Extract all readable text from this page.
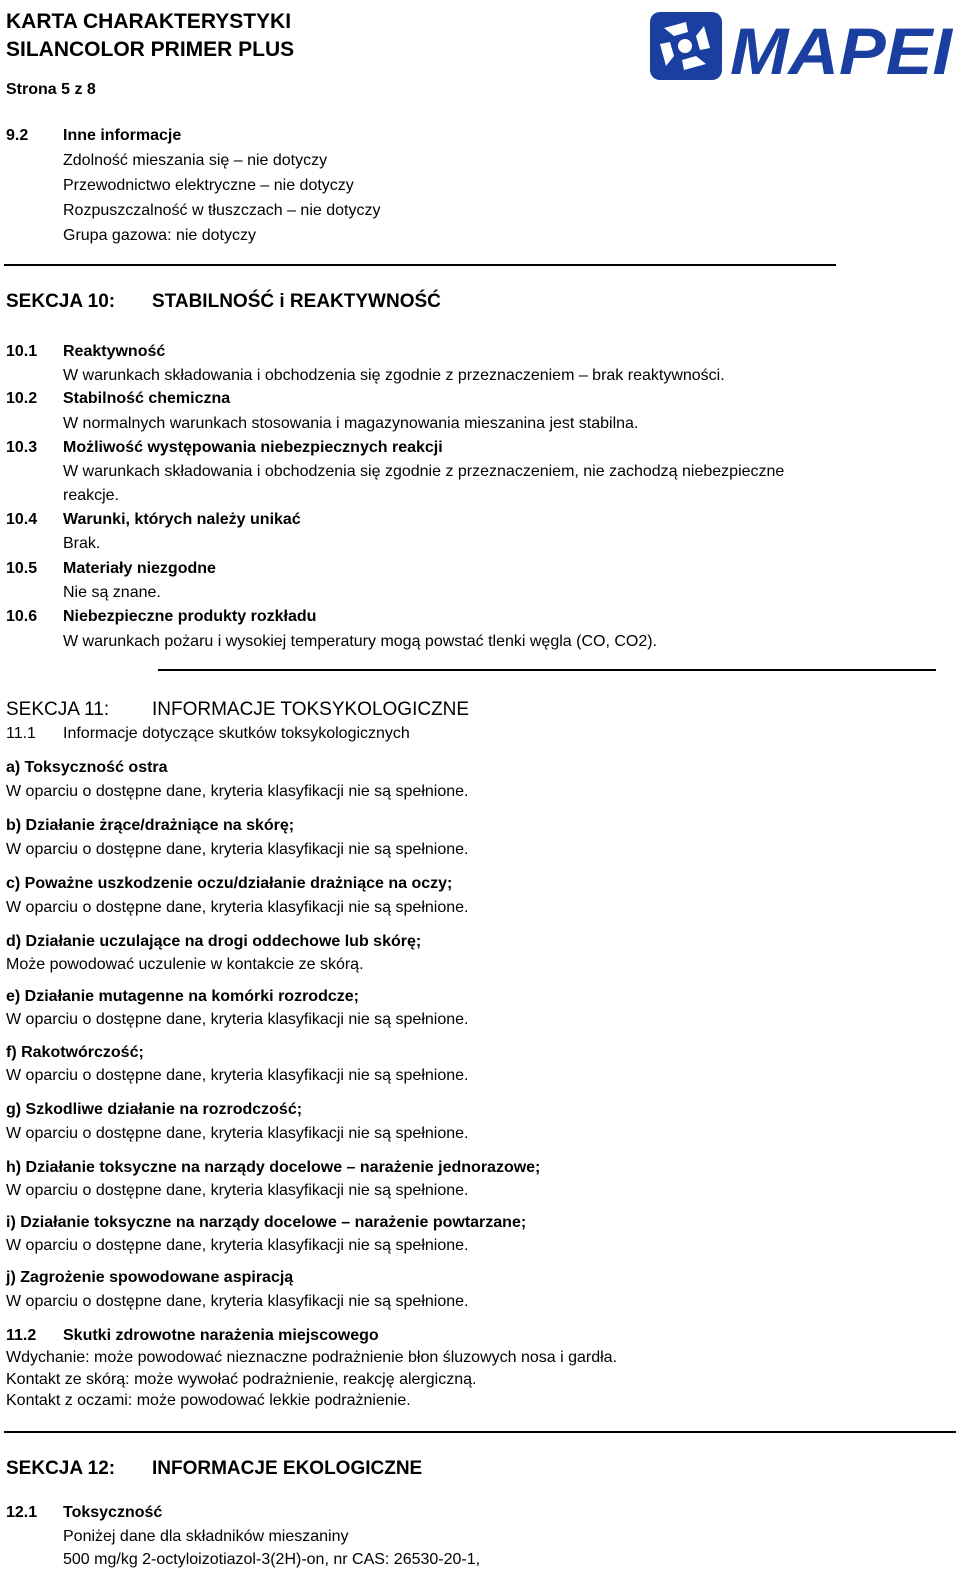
KARTA CHARAKTERYSTYKI
SILANCOLOR PRIMER PLUS
Strona 5 z 8
MAPEI
9.2 Inne informacje
Zdolność mieszania się – nie dotyczy
Przewodnictwo elektryczne – nie dotyczy
Rozpuszczalność w tłuszczach – nie dotyczy
Grupa gazowa: nie dotyczy
SEKCJA 10: STABILNOŚĆ i REAKTYWNOŚĆ
10.1 Reaktywność
W warunkach składowania i obchodzenia się zgodnie z przeznaczeniem – brak reaktywności.
10.2 Stabilność chemiczna
W normalnych warunkach stosowania i magazynowania mieszanina jest stabilna.
10.3 Możliwość występowania niebezpiecznych reakcji
W warunkach składowania i obchodzenia się zgodnie z przeznaczeniem, nie zachodzą niebezpieczne
reakcje.
10.4 Warunki, których należy unikać
Brak.
10.5 Materiały niezgodne
Nie są znane.
10.6 Niebezpieczne produkty rozkładu
W warunkach pożaru i wysokiej temperatury mogą powstać tlenki węgla (CO, CO2).
SEKCJA 11: INFORMACJE TOKSYKOLOGICZNE
11.1 Informacje dotyczące skutków toksykologicznych
a) Toksyczność ostra
W oparciu o dostępne dane, kryteria klasyfikacji nie są spełnione.
b) Działanie żrące/drażniące na skórę;
W oparciu o dostępne dane, kryteria klasyfikacji nie są spełnione.
c) Poważne uszkodzenie oczu/działanie drażniące na oczy;
W oparciu o dostępne dane, kryteria klasyfikacji nie są spełnione.
d) Działanie uczulające na drogi oddechowe lub skórę;
Może powodować uczulenie w kontakcie ze skórą.
e) Działanie mutagenne na komórki rozrodcze;
W oparciu o dostępne dane, kryteria klasyfikacji nie są spełnione.
f) Rakotwórczość;
W oparciu o dostępne dane, kryteria klasyfikacji nie są spełnione.
g) Szkodliwe działanie na rozrodczość;
W oparciu o dostępne dane, kryteria klasyfikacji nie są spełnione.
h) Działanie toksyczne na narządy docelowe – narażenie jednorazowe;
W oparciu o dostępne dane, kryteria klasyfikacji nie są spełnione.
i) Działanie toksyczne na narządy docelowe – narażenie powtarzane;
W oparciu o dostępne dane, kryteria klasyfikacji nie są spełnione.
j) Zagrożenie spowodowane aspiracją
W oparciu o dostępne dane, kryteria klasyfikacji nie są spełnione.
11.2 Skutki zdrowotne narażenia miejscowego
Wdychanie: może powodować nieznaczne podrażnienie błon śluzowych nosa i gardła.
Kontakt ze skórą: może wywołać podrażnienie, reakcję alergiczną.
Kontakt z oczami: może powodować lekkie podrażnienie.
SEKCJA 12: INFORMACJE EKOLOGICZNE
12.1 Toksyczność
Poniżej dane dla składników mieszaniny
500 mg/kg 2-octyloizotiazol-3(2H)-on, nr CAS: 26530-20-1,
